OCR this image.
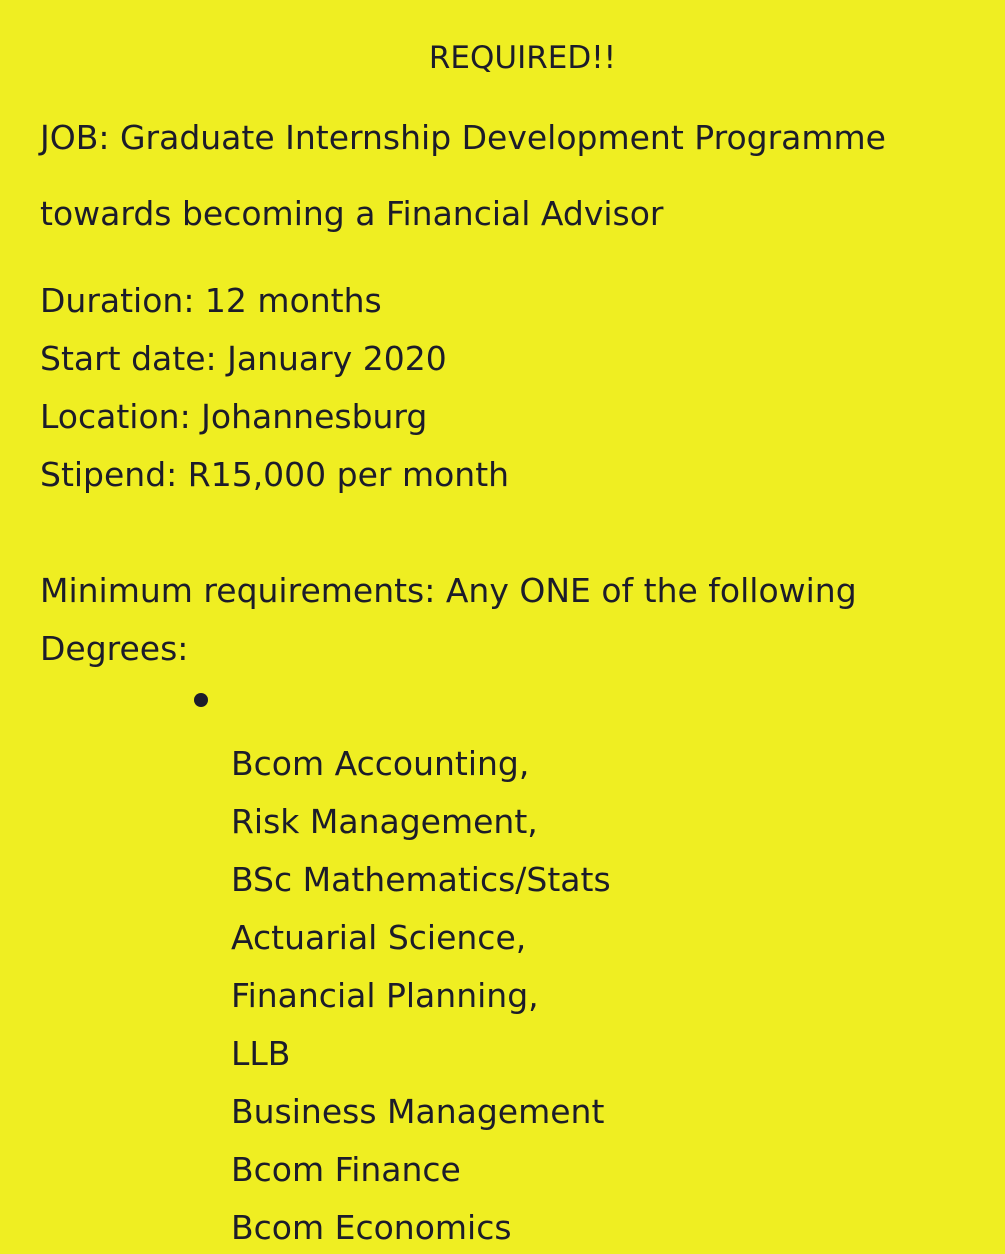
REQUIRED!!
JOB: Graduate Internship Development Programme
towards becoming a Financial Advisor
Duration: 12 months
Start date: January 2020
Location: Johannesburg
Stipend: R15,000 per month
Minimum requirements: Any ONE of the following
Degrees:
Bcom Accounting,
Risk Management,
BSc Mathematics/Stats
Actuarial Science,
Financial Planning,
LLB
Business Management
Bcom Finance
Bcom Economics
